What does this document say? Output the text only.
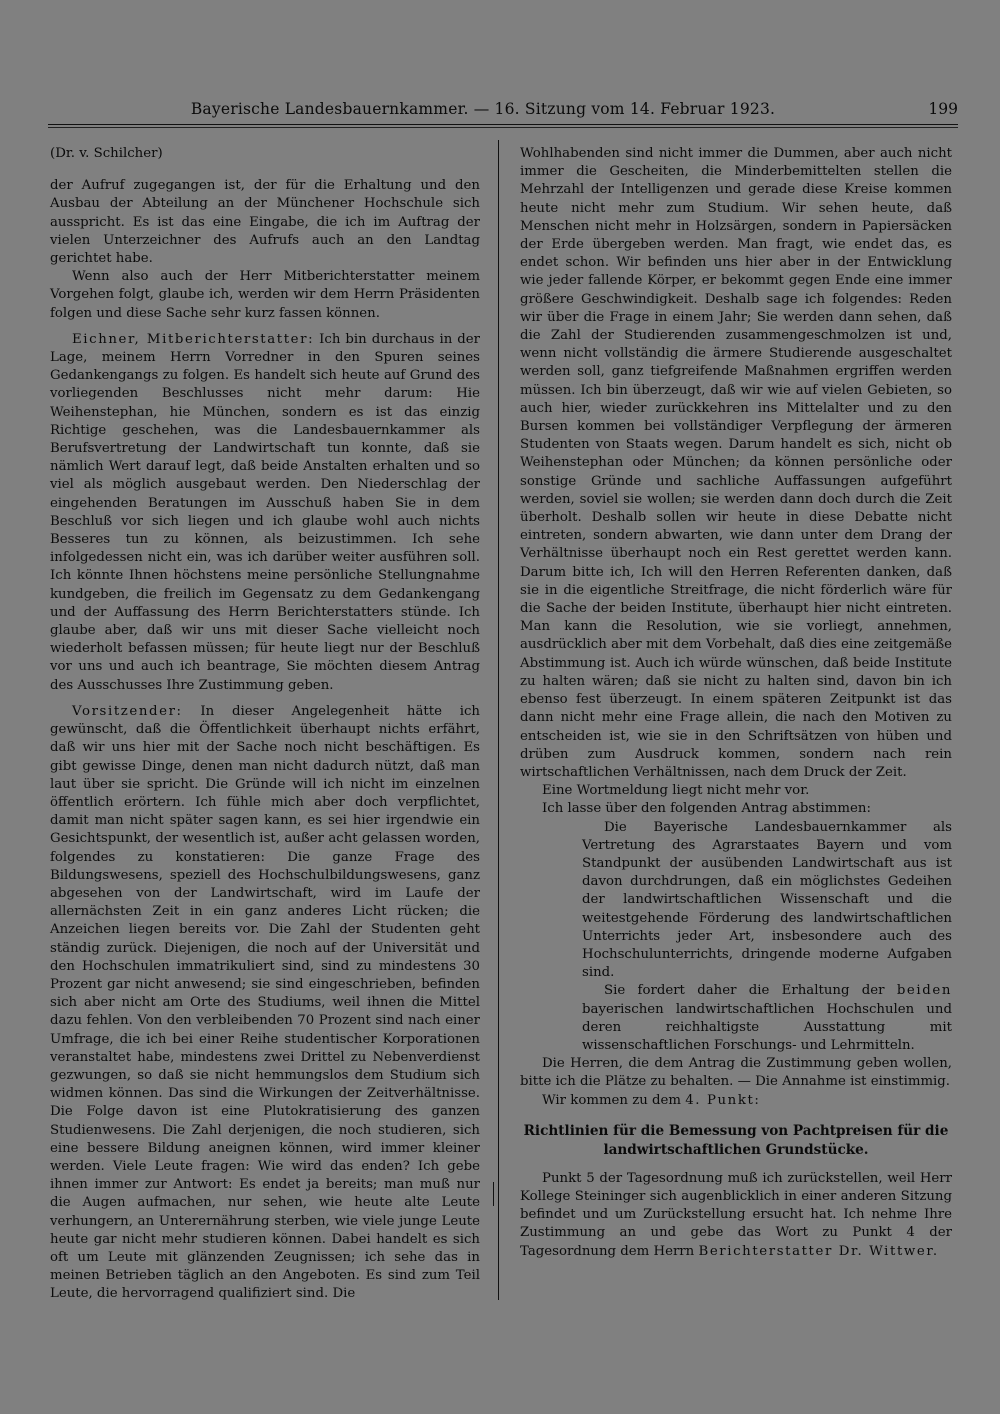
Bayerische Landesbauernkammer. — 16. Sitzung vom 14. Februar 1923.	199

(Dr. v. Schilcher)

der Aufruf zugegangen ist, der für die Erhaltung und den Ausbau der Abteilung an der Münchener Hochschule sich ausspricht. Es ist das eine Eingabe, die ich im Auftrag der vielen Unterzeichner des Aufrufs auch an den Landtag gerichtet habe.

Wenn also auch der Herr Mitberichterstatter meinem Vorgehen folgt, glaube ich, werden wir dem Herrn Präsidenten folgen und diese Sache sehr kurz fassen können.

Eichner, Mitberichterstatter: Ich bin durchaus in der Lage, meinem Herrn Vorredner in den Spuren seines Gedankengangs zu folgen. Es handelt sich heute auf Grund des vorliegenden Beschlusses nicht mehr darum: Hie Weihenstephan, hie München, sondern es ist das einzig Richtige geschehen, was die Landesbauernkammer als Berufsvertretung der Landwirtschaft tun konnte, daß sie nämlich Wert darauf legt, daß beide Anstalten erhalten und so viel als möglich ausgebaut werden. Den Niederschlag der eingehenden Beratungen im Ausschuß haben Sie in dem Beschluß vor sich liegen und ich glaube wohl auch nichts Besseres tun zu können, als beizustimmen. Ich sehe infolgedessen nicht ein, was ich darüber weiter ausführen soll. Ich könnte Ihnen höchstens meine persönliche Stellungnahme kundgeben, die freilich im Gegensatz zu dem Gedankengang und der Auffassung des Herrn Berichterstatters stünde. Ich glaube aber, daß wir uns mit dieser Sache vielleicht noch wiederholt befassen müssen; für heute liegt nur der Beschluß vor uns und auch ich beantrage, Sie möchten diesem Antrag des Ausschusses Ihre Zustimmung geben.

Vorsitzender: In dieser Angelegenheit hätte ich gewünscht, daß die Öffentlichkeit überhaupt nichts erfährt, daß wir uns hier mit der Sache noch nicht beschäftigen. Es gibt gewisse Dinge, denen man nicht dadurch nützt, daß man laut über sie spricht. Die Gründe will ich nicht im einzelnen öffentlich erörtern. Ich fühle mich aber doch verpflichtet, damit man nicht später sagen kann, es sei hier irgendwie ein Gesichtspunkt, der wesentlich ist, außer acht gelassen worden, folgendes zu konstatieren: Die ganze Frage des Bildungswesens, speziell des Hochschulbildungswesens, ganz abgesehen von der Landwirtschaft, wird im Laufe der allernächsten Zeit in ein ganz anderes Licht rücken; die Anzeichen liegen bereits vor. Die Zahl der Studenten geht ständig zurück. Diejenigen, die noch auf der Universität und den Hochschulen immatrikuliert sind, sind zu mindestens 30 Prozent gar nicht anwesend; sie sind eingeschrieben, befinden sich aber nicht am Orte des Studiums, weil ihnen die Mittel dazu fehlen. Von den verbleibenden 70 Prozent sind nach einer Umfrage, die ich bei einer Reihe studentischer Korporationen veranstaltet habe, mindestens zwei Drittel zu Nebenverdienst gezwungen, so daß sie nicht hemmungslos dem Studium sich widmen können. Das sind die Wirkungen der Zeitverhältnisse. Die Folge davon ist eine Plutokratisierung des ganzen Studienwesens. Die Zahl derjenigen, die noch studieren, sich eine bessere Bildung aneignen können, wird immer kleiner werden. Viele Leute fragen: Wie wird das enden? Ich gebe ihnen immer zur Antwort: Es endet ja bereits; man muß nur die Augen aufmachen, nur sehen, wie heute alte Leute verhungern, an Unterernährung sterben, wie viele junge Leute heute gar nicht mehr studieren können. Dabei handelt es sich oft um Leute mit glänzenden Zeugnissen; ich sehe das in meinen Betrieben täglich an den Angeboten. Es sind zum Teil Leute, die hervorragend qualifiziert sind. Die

Wohlhabenden sind nicht immer die Dummen, aber auch nicht immer die Gescheiten, die Minderbemittelten stellen die Mehrzahl der Intelligenzen und gerade diese Kreise kommen heute nicht mehr zum Studium. Wir sehen heute, daß Menschen nicht mehr in Holzsärgen, sondern in Papiersäcken der Erde übergeben werden. Man fragt, wie endet das, es endet schon. Wir befinden uns hier aber in der Entwicklung wie jeder fallende Körper, er bekommt gegen Ende eine immer größere Geschwindigkeit. Deshalb sage ich folgendes: Reden wir über die Frage in einem Jahr; Sie werden dann sehen, daß die Zahl der Studierenden zusammengeschmolzen ist und, wenn nicht vollständig die ärmere Studierende ausgeschaltet werden soll, ganz tiefgreifende Maßnahmen ergriffen werden müssen. Ich bin überzeugt, daß wir wie auf vielen Gebieten, so auch hier, wieder zurückkehren ins Mittelalter und zu den Bursen kommen bei vollständiger Verpflegung der ärmeren Studenten von Staats wegen. Darum handelt es sich, nicht ob Weihenstephan oder München; da können persönliche oder sonstige Gründe und sachliche Auffassungen aufgeführt werden, soviel sie wollen; sie werden dann doch durch die Zeit überholt. Deshalb sollen wir heute in diese Debatte nicht eintreten, sondern abwarten, wie dann unter dem Drang der Verhältnisse überhaupt noch ein Rest gerettet werden kann. Darum bitte ich, Ich will den Herren Referenten danken, daß sie in die eigentliche Streitfrage, die nicht förderlich wäre für die Sache der beiden Institute, überhaupt hier nicht eintreten. Man kann die Resolution, wie sie vorliegt, annehmen, ausdrücklich aber mit dem Vorbehalt, daß dies eine zeitgemäße Abstimmung ist. Auch ich würde wünschen, daß beide Institute zu halten wären; daß sie nicht zu halten sind, davon bin ich ebenso fest überzeugt. In einem späteren Zeitpunkt ist das dann nicht mehr eine Frage allein, die nach den Motiven zu entscheiden ist, wie sie in den Schriftsätzen von hüben und drüben zum Ausdruck kommen, sondern nach rein wirtschaftlichen Verhältnissen, nach dem Druck der Zeit.

Eine Wortmeldung liegt nicht mehr vor.

Ich lasse über den folgenden Antrag abstimmen:

Die Bayerische Landesbauernkammer als Vertretung des Agrarstaates Bayern und vom Standpunkt der ausübenden Landwirtschaft aus ist davon durchdrungen, daß ein möglichstes Gedeihen der landwirtschaftlichen Wissenschaft und die weitestgehende Förderung des landwirtschaftlichen Unterrichts jeder Art, insbesondere auch des Hochschulunterrichts, dringende moderne Aufgaben sind.

Sie fordert daher die Erhaltung der beiden bayerischen landwirtschaftlichen Hochschulen und deren reichhaltigste Ausstattung mit wissenschaftlichen Forschungs- und Lehrmitteln.

Die Herren, die dem Antrag die Zustimmung geben wollen, bitte ich die Plätze zu behalten. — Die Annahme ist einstimmig.

Wir kommen zu dem 4. Punkt:

Richtlinien für die Bemessung von Pachtpreisen für die landwirtschaftlichen Grundstücke.

Punkt 5 der Tagesordnung muß ich zurückstellen, weil Herr Kollege Steininger sich augenblicklich in einer anderen Sitzung befindet und um Zurückstellung ersucht hat. Ich nehme Ihre Zustimmung an und gebe das Wort zu Punkt 4 der Tagesordnung dem Herrn Berichterstatter Dr. Wittwer.
